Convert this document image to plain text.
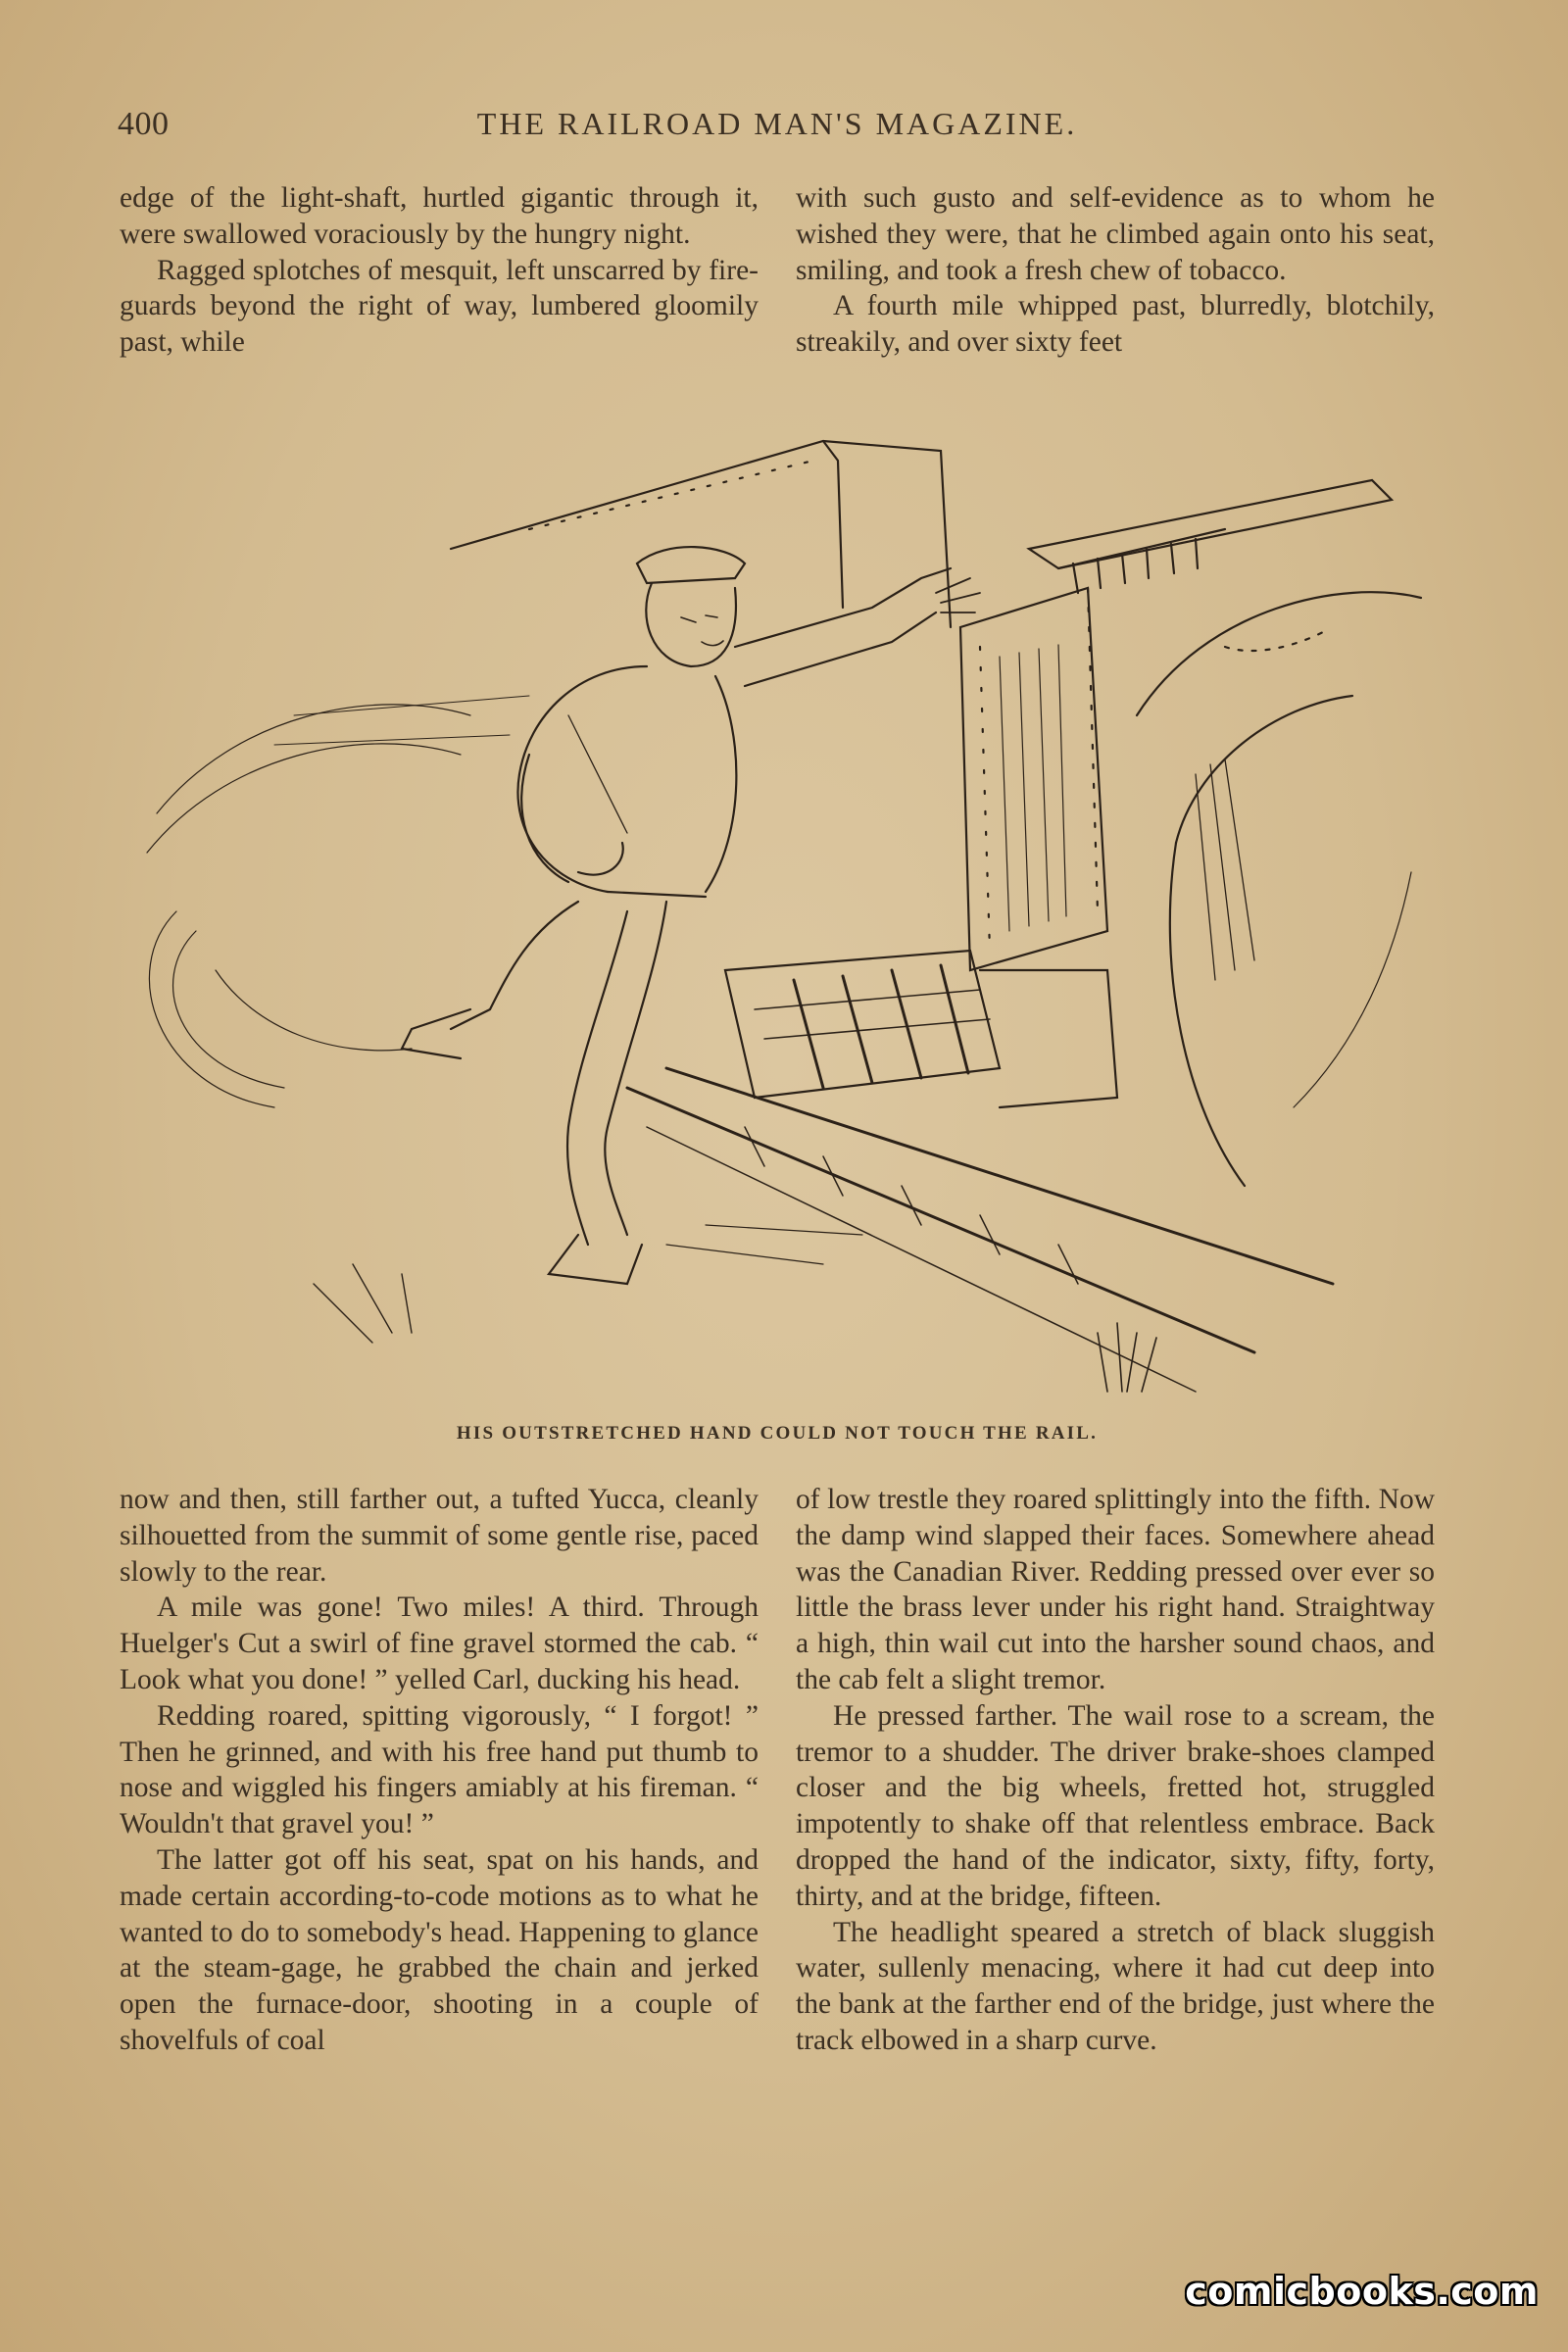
400	THE RAILROAD MAN'S MAGAZINE.

edge of the light-shaft, hurtled gigantic through it, were swallowed voraciously by the hungry night.

Ragged splotches of mesquit, left unscarred by fire-guards beyond the right of way, lumbered gloomily past, while

with such gusto and self-evidence as to whom he wished they were, that he climbed again onto his seat, smiling, and took a fresh chew of tobacco.

A fourth mile whipped past, blurredly, blotchily, streakily, and over sixty feet

HIS OUTSTRETCHED HAND COULD NOT TOUCH THE RAIL.

now and then, still farther out, a tufted Yucca, cleanly silhouetted from the summit of some gentle rise, paced slowly to the rear.

A mile was gone! Two miles! A third. Through Huelger's Cut a swirl of fine gravel stormed the cab. “ Look what you done! ” yelled Carl, ducking his head.

Redding roared, spitting vigorously, “ I forgot! ” Then he grinned, and with his free hand put thumb to nose and wiggled his fingers amiably at his fireman. “ Wouldn't that gravel you! ”

The latter got off his seat, spat on his hands, and made certain according-to-code motions as to what he wanted to do to somebody's head. Happening to glance at the steam-gage, he grabbed the chain and jerked open the furnace-door, shooting in a couple of shovelfuls of coal

of low trestle they roared splittingly into the fifth. Now the damp wind slapped their faces. Somewhere ahead was the Canadian River. Redding pressed over ever so little the brass lever under his right hand. Straightway a high, thin wail cut into the harsher sound chaos, and the cab felt a slight tremor.

He pressed farther. The wail rose to a scream, the tremor to a shudder. The driver brake-shoes clamped closer and the big wheels, fretted hot, struggled impotently to shake off that relentless embrace. Back dropped the hand of the indicator, sixty, fifty, forty, thirty, and at the bridge, fifteen.

The headlight speared a stretch of black sluggish water, sullenly menacing, where it had cut deep into the bank at the farther end of the bridge, just where the track elbowed in a sharp curve.

comicbooks.com
